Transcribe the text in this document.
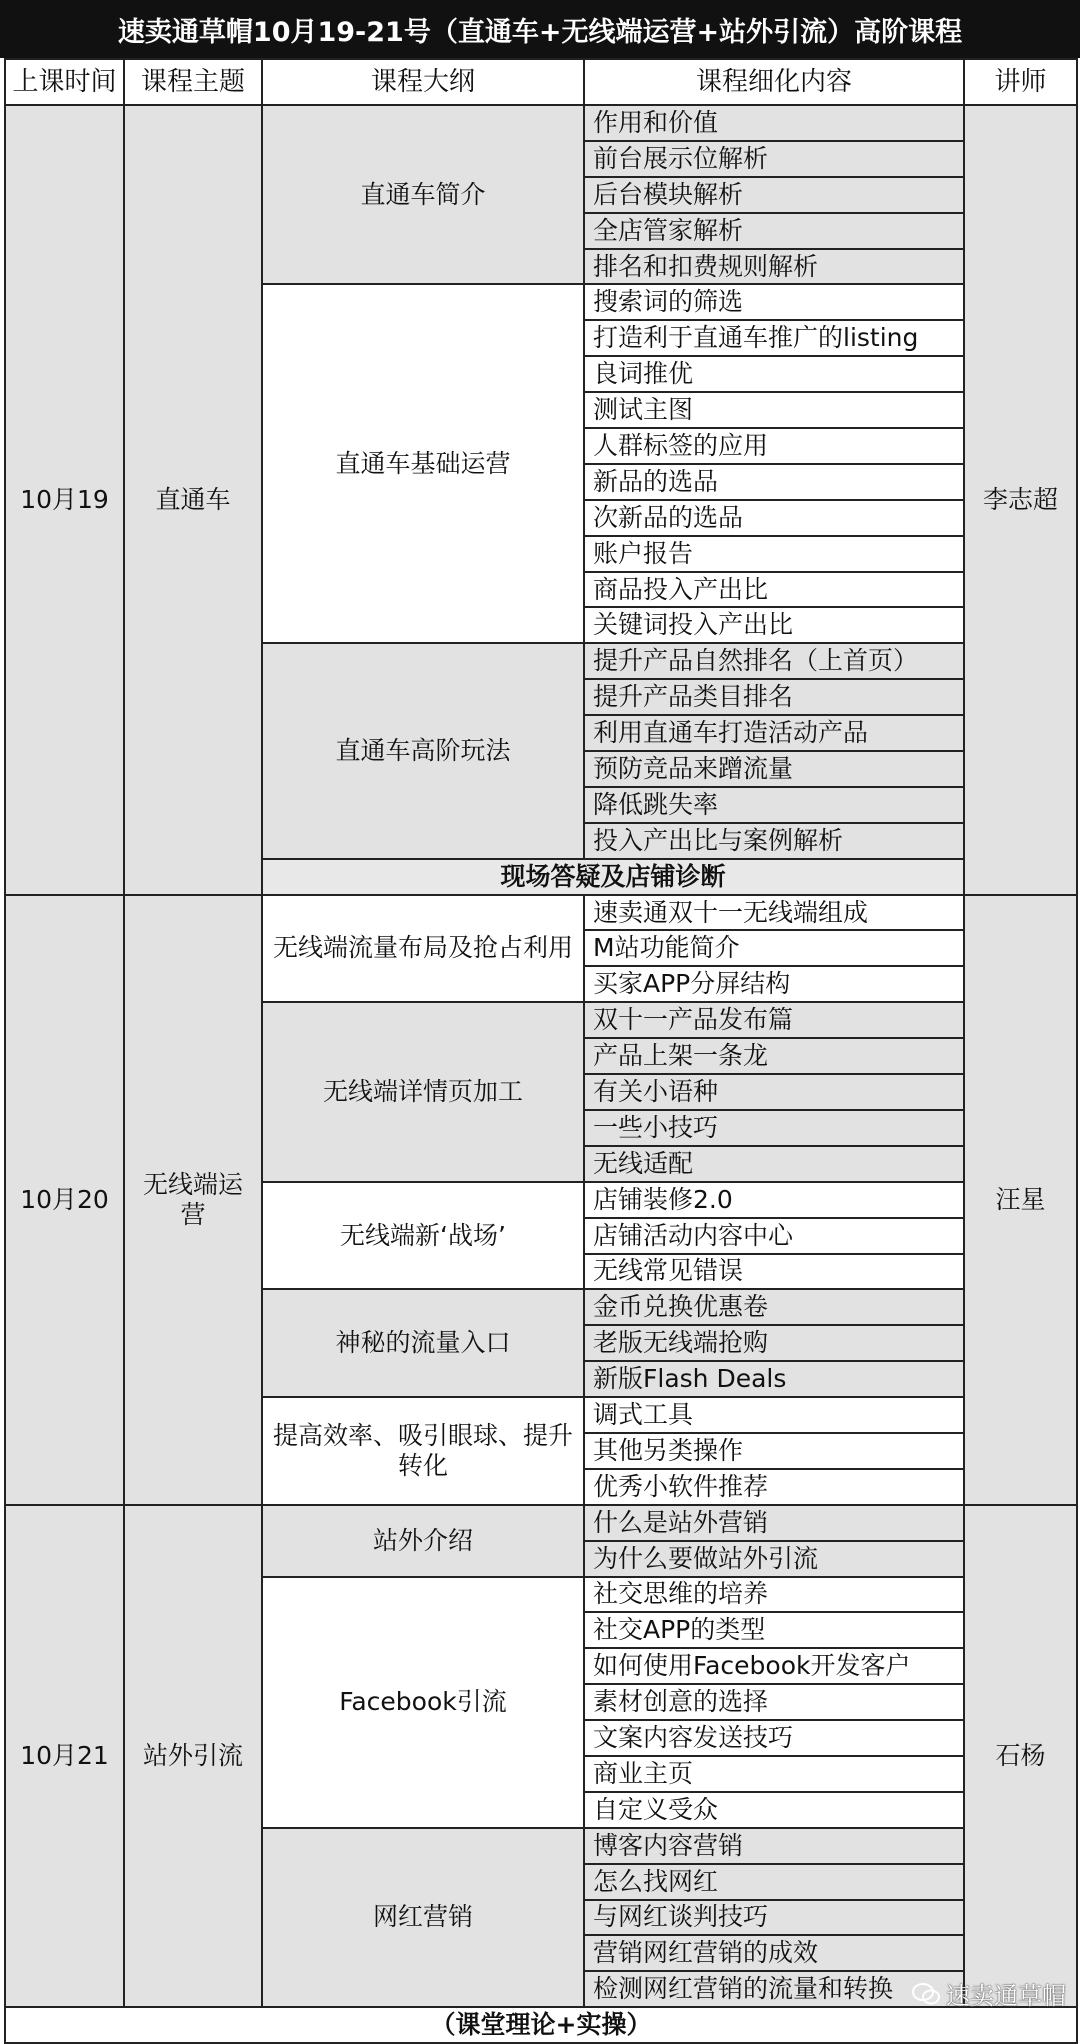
速卖通草帽10月19-21号（直通车+无线端运营+站外引流）高阶课程
上课时间	课程主题	课程大纲	课程细化内容	讲师
10月19	直通车	直通车简介	作用和价值	李志超
			前台展示位解析	
			后台模块解析	
			全店管家解析	
			排名和扣费规则解析	
		直通车基础运营	搜索词的筛选	
			打造利于直通车推广的listing	
			良词推优	
			测试主图	
			人群标签的应用	
			新品的选品	
			次新品的选品	
			账户报告	
			商品投入产出比	
			关键词投入产出比	
		直通车高阶玩法	提升产品自然排名（上首页）	
			提升产品类目排名	
			利用直通车打造活动产品	
			预防竞品来蹭流量	
			降低跳失率	
			投入产出比与案例解析	
		现场答疑及店铺诊断		
10月20	无线端运营	无线端流量布局及抢占利用	速卖通双十一无线端组成	汪星
			M站功能简介	
			买家APP分屏结构	
		无线端详情页加工	双十一产品发布篇	
			产品上架一条龙	
			有关小语种	
			一些小技巧	
			无线适配	
		无线端新‘战场’	店铺装修2.0	
			店铺活动内容中心	
			无线常见错误	
		神秘的流量入口	金币兑换优惠卷	
			老版无线端抢购	
			新版Flash Deals	
		提高效率、吸引眼球、提升转化	调式工具	
			其他另类操作	
			优秀小软件推荐	
10月21	站外引流	站外介绍	什么是站外营销	石杨
			为什么要做站外引流	
		Facebook引流	社交思维的培养	
			社交APP的类型	
			如何使用Facebook开发客户	
			素材创意的选择	
			文案内容发送技巧	
			商业主页	
			自定义受众	
		网红营销	博客内容营销	
			怎么找网红	
			与网红谈判技巧	
			营销网红营销的成效	
			检测网红营销的流量和转换	
（课堂理论+实操）				
速卖通草帽
